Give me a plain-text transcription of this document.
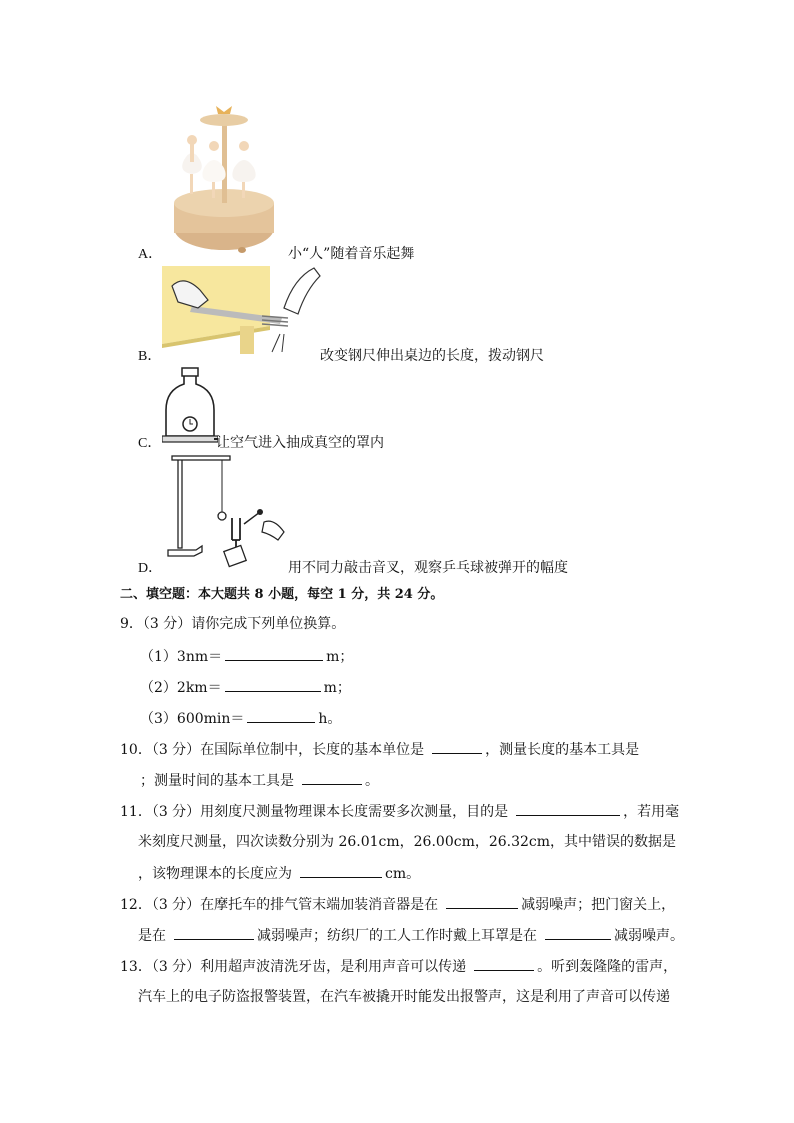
A．	小“人”随着音乐起舞
B．	改变钢尺伸出桌边的长度，拨动钢尺
C．	让空气进入抽成真空的罩内
D．	用不同力敲击音叉，观察乒乓球被弹开的幅度
二、填空题：本大题共 8 小题，每空 1 分，共 24 分。
9．（3 分）请你完成下列单位换算。
（1）3nm＝	m；
（2）2km＝	m；
（3）600min＝	h。
10．（3 分）在国际单位制中，长度的基本单位是	，测量长度的基本工具是
；测量时间的基本工具是	。
11．（3 分）用刻度尺测量物理课本长度需要多次测量，目的是	，若用毫
米刻度尺测量，四次读数分别为 26.01cm，26.00cm，26.32cm，其中错误的数据是
，该物理课本的长度应为	cm。
12．（3 分）在摩托车的排气管末端加装消音器是在	减弱噪声；把门窗关上，
是在	减弱噪声；纺织厂的工人工作时戴上耳罩是在	减弱噪声。
13．（3 分）利用超声波清洗牙齿，是利用声音可以传递	。听到轰隆隆的雷声，
汽车上的电子防盗报警装置，在汽车被撬开时能发出报警声，这是利用了声音可以传递
